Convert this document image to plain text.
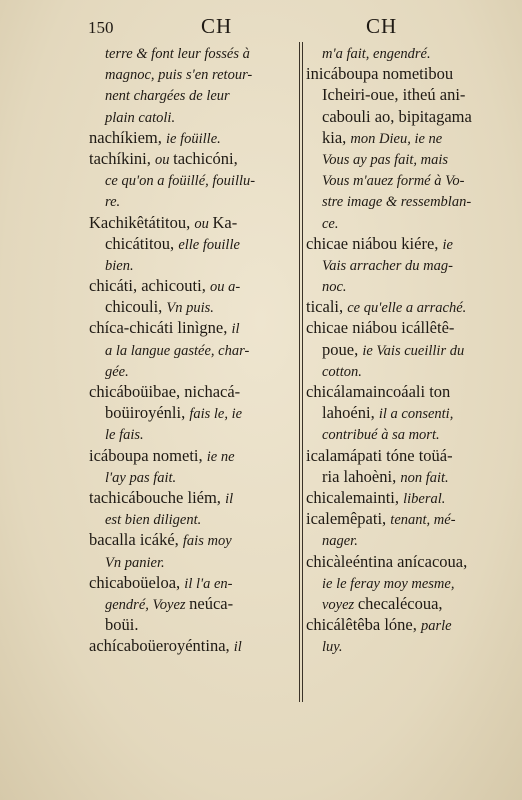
150	CH	CH
terre & font leur fossés à
magnoc, puis s'en retour-
nent chargées de leur
plain catoli.
nachíkiem, ie foüille.
tachíkini, ou tachicóni,
ce qu'on a foüillé, fouillu-
re.
Kachikêtátitou, ou Ka-
chicátitou, elle fouille
bien.
chicáti, achicouti, ou a-
chicouli, Vn puis.
chíca-chicáti linìgne, il
a la langue gastée, char-
gée.
chicáboüibae, nichacá-
boüiroyénli, fais le, ie
le fais.
icáboupa nometi, ie ne
l'ay pas fait.
tachicábouche liém, il
est bien diligent.
bacalla icáké, fais moy
Vn panier.
chicaboüeloa, il l'a en-
gendré, Voyez neúca-
boüi.
achícaboüeroyéntina, il
m'a fait, engendré.
inicáboupa nometibou
Icheiri-oue, itheú ani-
cabouli ao, bipitagama
kia, mon Dieu, ie ne
Vous ay pas fait, mais
Vous m'auez formé à Vo-
stre image & ressemblan-
ce.
chicae niábou kiére, ie
Vais arracher du mag-
noc.
ticali, ce qu'elle a arraché.
chicae niábou icállêtê-
poue, ie Vais cueillir du
cotton.
chicálamaincoáali ton
lahoéni, il a consenti,
contribué à sa mort.
icalamápati tóne toüá-
ria lahoèni, non fait.
chicalemainti, liberal.
icalemêpati, tenant, mé-
nager.
chicàleéntina anícacoua,
ie le feray moy mesme,
voyez checalécoua,
chicálêtêba lóne, parle
luy.
